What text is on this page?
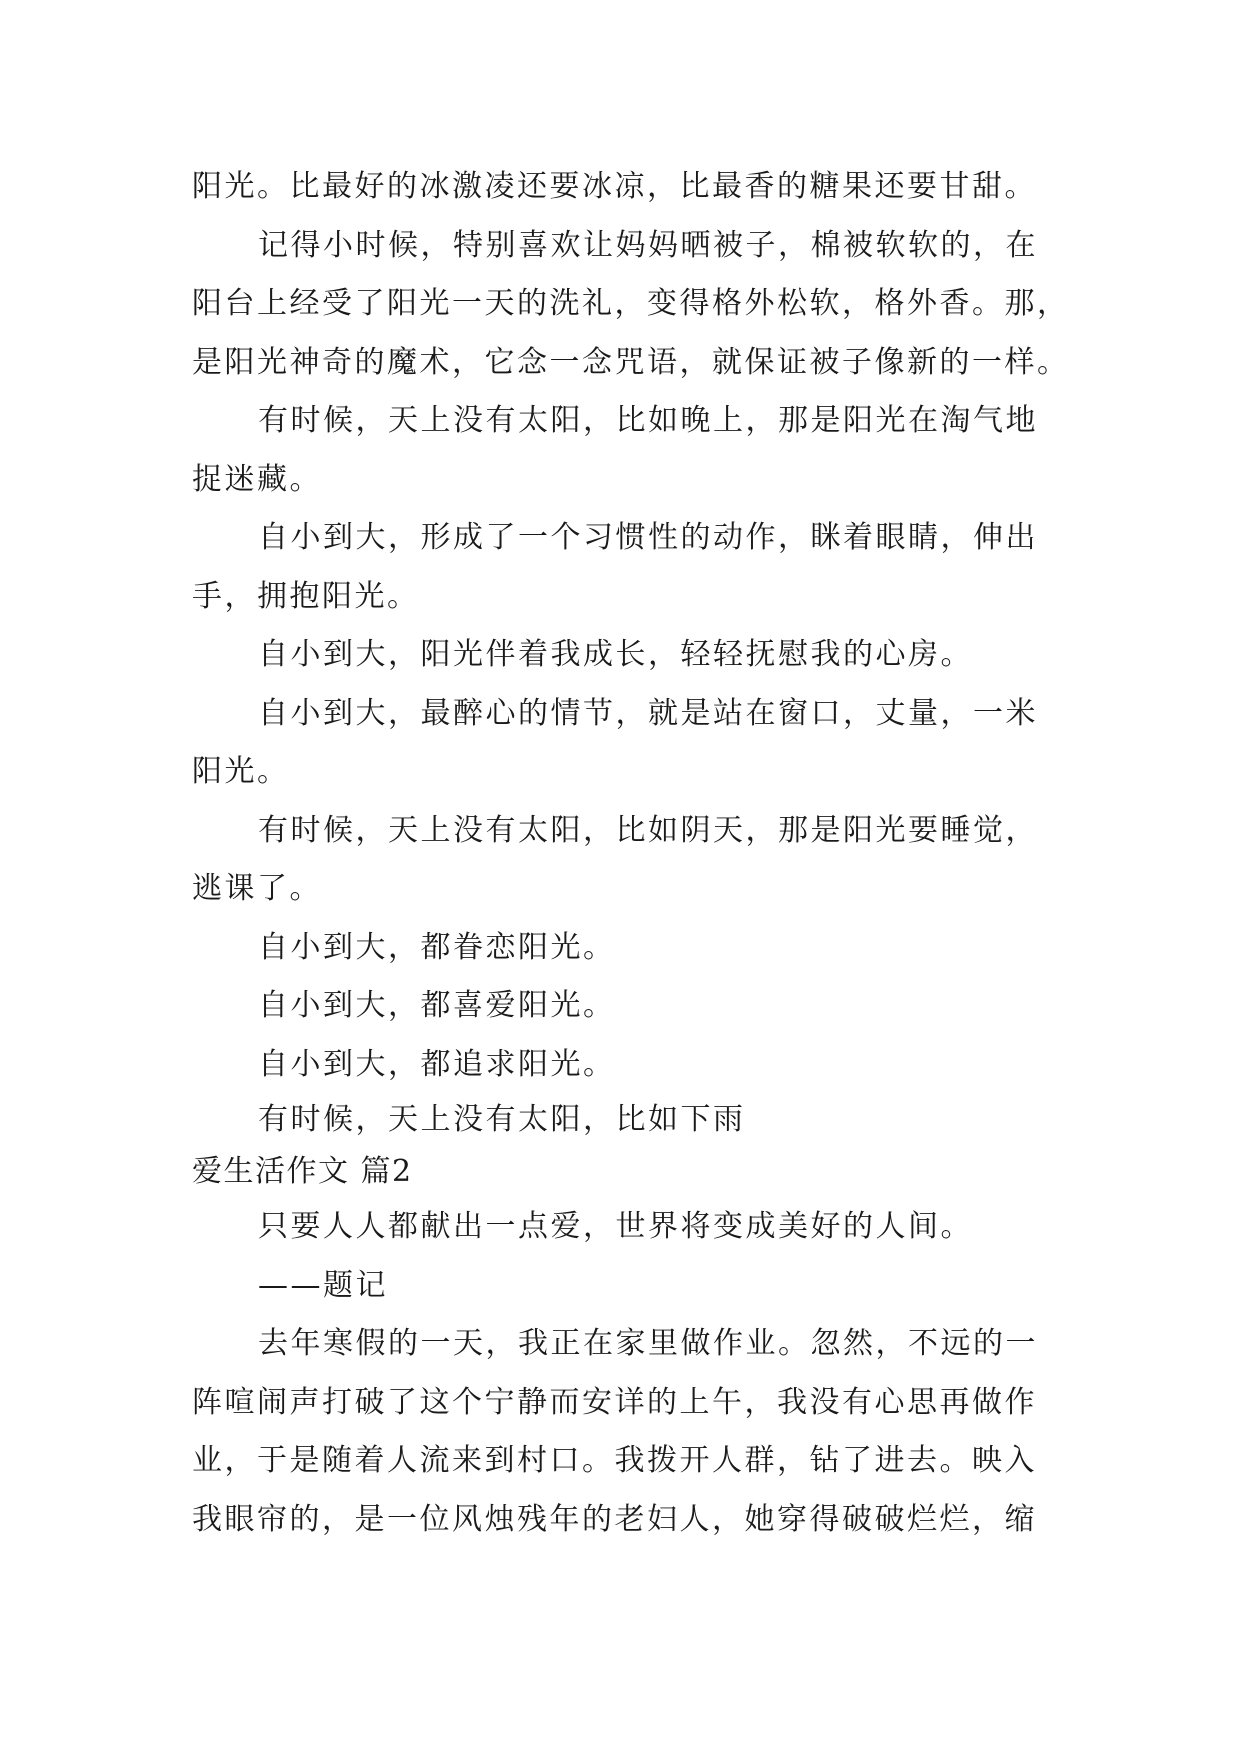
阳光。比最好的冰激凌还要冰凉，比最香的糖果还要甘甜。
记得小时候，特别喜欢让妈妈晒被子，棉被软软的，在
阳台上经受了阳光一天的洗礼，变得格外松软，格外香。那，
是阳光神奇的魔术，它念一念咒语，就保证被子像新的一样。
有时候，天上没有太阳，比如晚上，那是阳光在淘气地
捉迷藏。
自小到大，形成了一个习惯性的动作，眯着眼睛，伸出
手，拥抱阳光。
自小到大，阳光伴着我成长，轻轻抚慰我的心房。
自小到大，最醉心的情节，就是站在窗口，丈量，一米
阳光。
有时候，天上没有太阳，比如阴天，那是阳光要睡觉，
逃课了。
自小到大，都眷恋阳光。
自小到大，都喜爱阳光。
自小到大，都追求阳光。
有时候，天上没有太阳，比如下雨
爱生活作文 篇2
只要人人都献出一点爱，世界将变成美好的人间。
——题记
去年寒假的一天，我正在家里做作业。忽然，不远的一
阵喧闹声打破了这个宁静而安详的上午，我没有心思再做作
业，于是随着人流来到村口。我拨开人群，钻了进去。映入
我眼帘的，是一位风烛残年的老妇人，她穿得破破烂烂，缩
